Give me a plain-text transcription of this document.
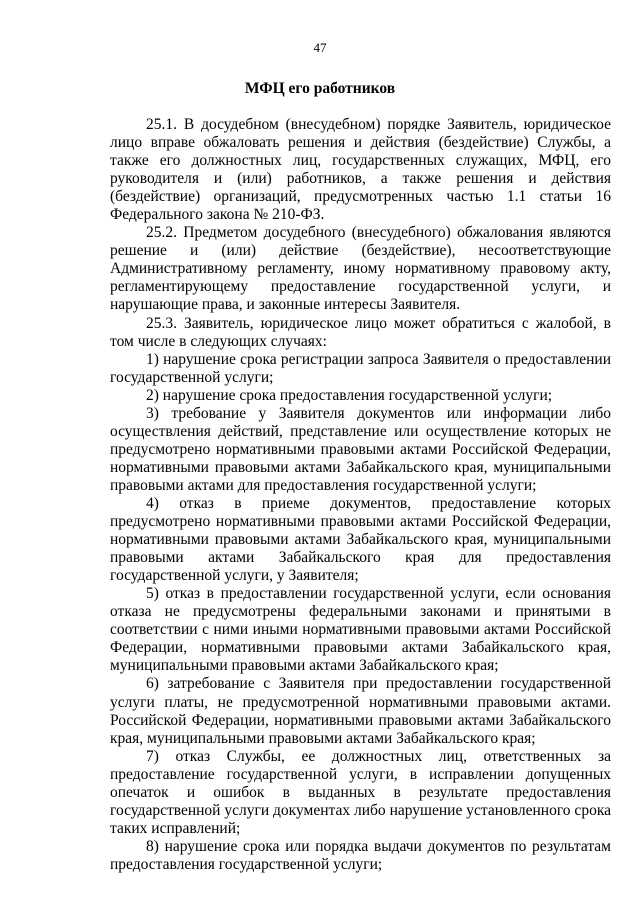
47
МФЦ его работников

25.1. В досудебном (внесудебном) порядке Заявитель, юридическое лицо вправе обжаловать решения и действия (бездействие) Службы, а также его должностных лиц, государственных служащих, МФЦ, его руководителя и (или) работников, а также решения и действия (бездействие) организаций, предусмотренных частью 1.1 статьи 16 Федерального закона № 210-ФЗ.

25.2. Предметом досудебного (внесудебного) обжалования являются решение и (или) действие (бездействие), несоответствующие Административному регламенту, иному нормативному правовому акту, регламентирующему предоставление государственной услуги, и нарушающие права, и законные интересы Заявителя.

25.3. Заявитель, юридическое лицо может обратиться с жалобой, в том числе в следующих случаях:

1) нарушение срока регистрации запроса Заявителя о предоставлении государственной услуги;

2) нарушение срока предоставления государственной услуги;

3) требование у Заявителя документов или информации либо осуществления действий, представление или осуществление которых не предусмотрено нормативными правовыми актами Российской Федерации, нормативными правовыми актами Забайкальского края, муниципальными правовыми актами для предоставления государственной услуги;

4) отказ в приеме документов, предоставление которых предусмотрено нормативными правовыми актами Российской Федерации, нормативными правовыми актами Забайкальского края, муниципальными правовыми актами Забайкальского края для предоставления государственной услуги, у Заявителя;

5) отказ в предоставлении государственной услуги, если основания отказа не предусмотрены федеральными законами и принятыми в соответствии с ними иными нормативными правовыми актами Российской Федерации, нормативными правовыми актами Забайкальского края, муниципальными правовыми актами Забайкальского края;

6) затребование с Заявителя при предоставлении государственной услуги платы, не предусмотренной нормативными правовыми актами. Российской Федерации, нормативными правовыми актами Забайкальского края, муниципальными правовыми актами Забайкальского края;

7) отказ Службы, ее должностных лиц, ответственных за предоставление государственной услуги, в исправлении допущенных опечаток и ошибок в выданных в результате предоставления государственной услуги документах либо нарушение установленного срока таких исправлений;

8) нарушение срока или порядка выдачи документов по результатам предоставления государственной услуги;
